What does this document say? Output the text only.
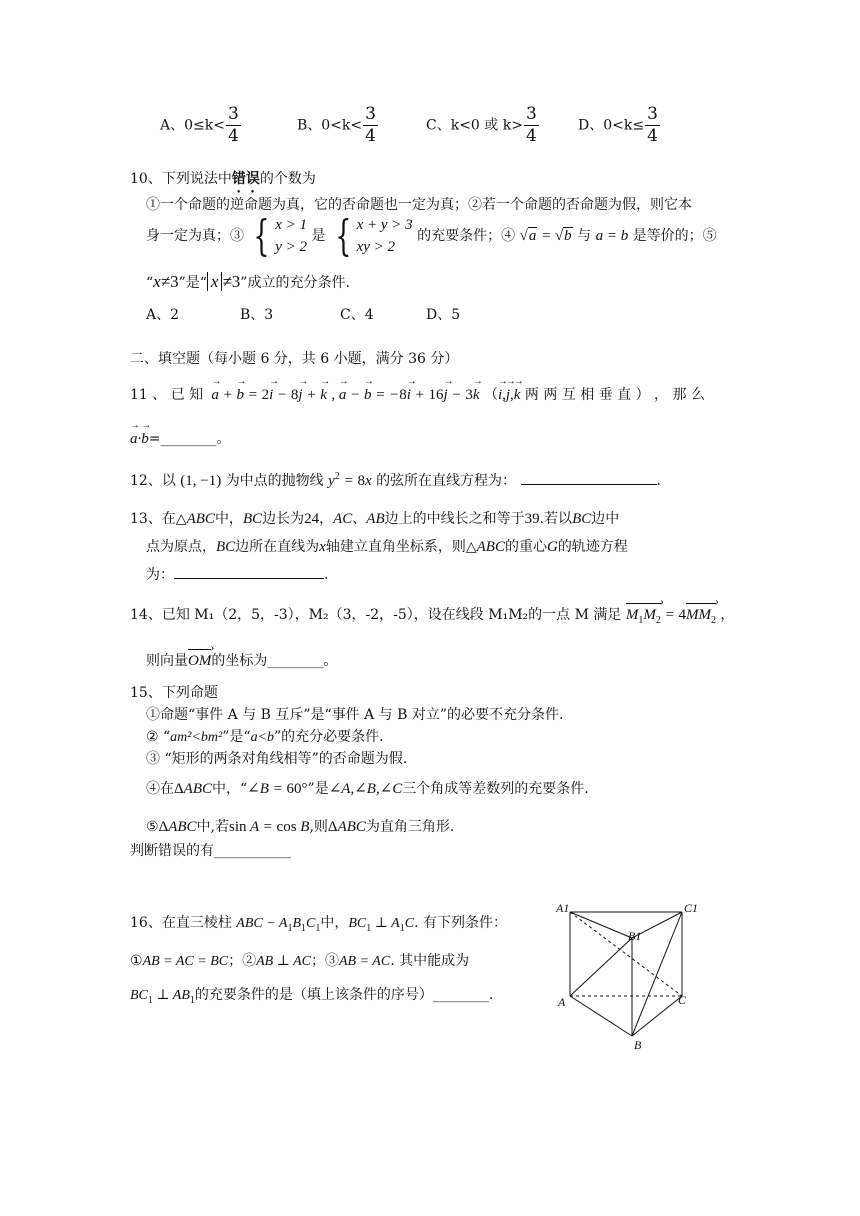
A、$0\le k< \frac{3}{4}$	B、$0<k< \frac{3}{4}$	C、k<0 或 $k> \frac{3}{4}$	D、$0<k\le \frac{3}{4}$
10、下列说法中错误的个数为
①一个命题的逆命题为真，它的否命题也一定为真；②若一个命题的否命题为假，则它本
身一定为真；③ { x > 1
y > 2 是 { x + y > 3
xy > 2 的充要条件；④ √a = √b 与 a = b 是等价的；⑤
“x≠3”是“ x ≠3”成立的充分条件.
A、2	B、3	C、4	D、5
二、填空题（每小题 6 分，共 6 小题，满分 36 分）
11 、 已 知  → a + → b = 2→ i − 8→ j + → k , → a − → b = −8→ i + 16→ j − 3→ k （→ i,→ j,→ k 两 两 互 相 垂 直 ） ， 那 么
→ a·→ b=________。
12、以 (1, −1) 为中点的抛物线 $y^2 = 8x$ 的弦所在直线方程为：	.
13、在△ABC中，BC边长为24，AC、AB边上的中线长之和等于39.若以BC边中
点为原点，BC边所在直线为x轴建立直角坐标系，则△ABC的重心G的轨迹方程
为：	.
14、已知 M₁（2，5，-3），M₂（3，-2，-5），设在线段 M₁M₂的一点 M 满足 $M_1M_2$ › = $4MM_2$ › ，
则向量OM ›的坐标为________。
15、下列命题
①命题“事件 A 与 B 互斥”是“事件 A 与 B 对立”的必要不充分条件.
② “am²<bm²”是“a<b”的充分必要条件.
③ “矩形的两条对角线相等”的否命题为假.
④在ΔABC中，“∠B = 60°”是∠A,∠B,∠C三个角成等差数列的充要条件.
⑤ΔABC中,若sin A = cos B,则ΔABC为直角三角形.
判断错误的有___________
16、在直三棱柱 ABC − $A_1B_1C_1$中，$BC_1$ ⊥ $A_1C$. 有下列条件：
①AB = AC = BC；②AB ⊥ AC；③AB = AC. 其中能成为
$BC_1$ ⊥ $AB_1$的充要条件的是（填上该条件的序号）________.
A1	C1
B1
A	C
B
